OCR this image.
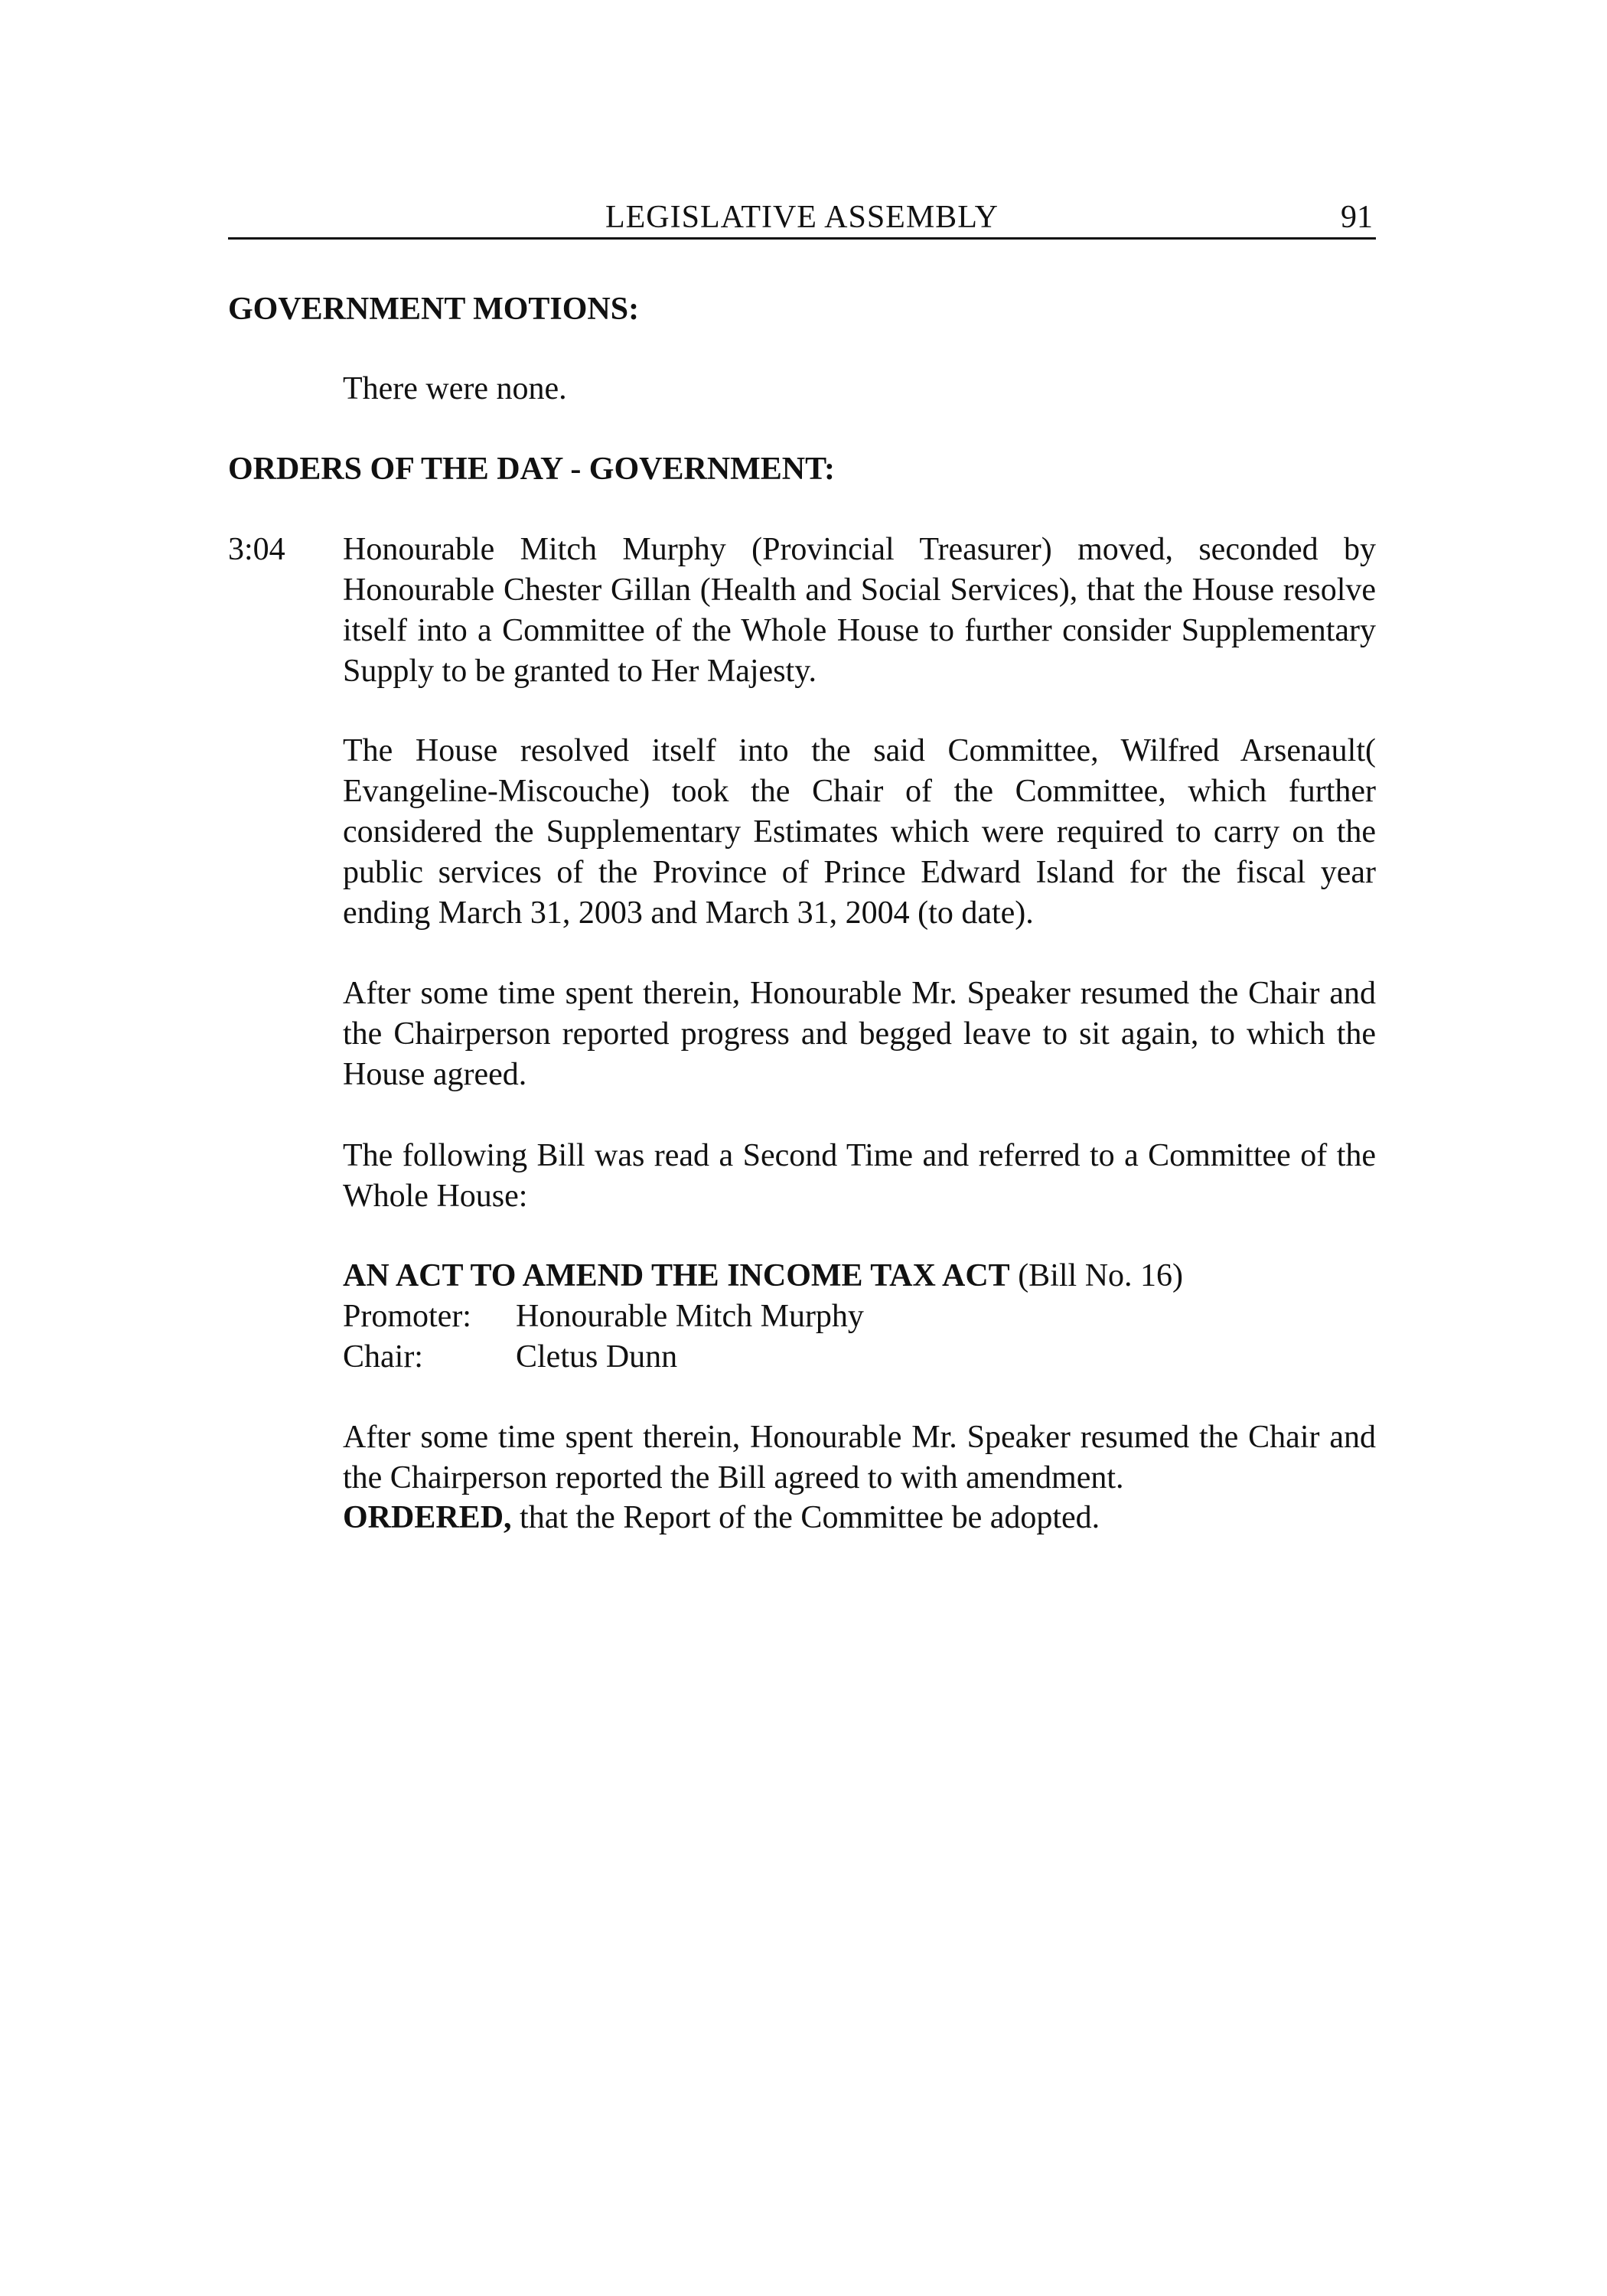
LEGISLATIVE ASSEMBLY	91
GOVERNMENT MOTIONS:
There were none.
ORDERS OF THE DAY - GOVERNMENT:
3:04 Honourable Mitch Murphy (Provincial Treasurer) moved, seconded by Honourable Chester Gillan (Health and Social Services), that the House resolve itself into a Committee of the Whole House to further consider Supplementary Supply to be granted to Her Majesty.
The House resolved itself into the said Committee, Wilfred Arsenault( Evangeline-Miscouche) took the Chair of the Committee, which further considered the Supplementary Estimates which were required to carry on the public services of the Province of Prince Edward Island for the fiscal year ending March 31, 2003 and March 31, 2004 (to date).
After some time spent therein, Honourable Mr. Speaker resumed the Chair and the Chairperson reported progress and begged leave to sit again, to which the House agreed.
The following Bill was read a Second Time and referred to a Committee of the Whole House:
AN ACT TO AMEND THE INCOME TAX ACT (Bill No. 16)
Promoter: Honourable Mitch Murphy
Chair:	Cletus Dunn
After some time spent therein, Honourable Mr. Speaker resumed the Chair and the Chairperson reported the Bill agreed to with amendment.
ORDERED, that the Report of the Committee be adopted.
